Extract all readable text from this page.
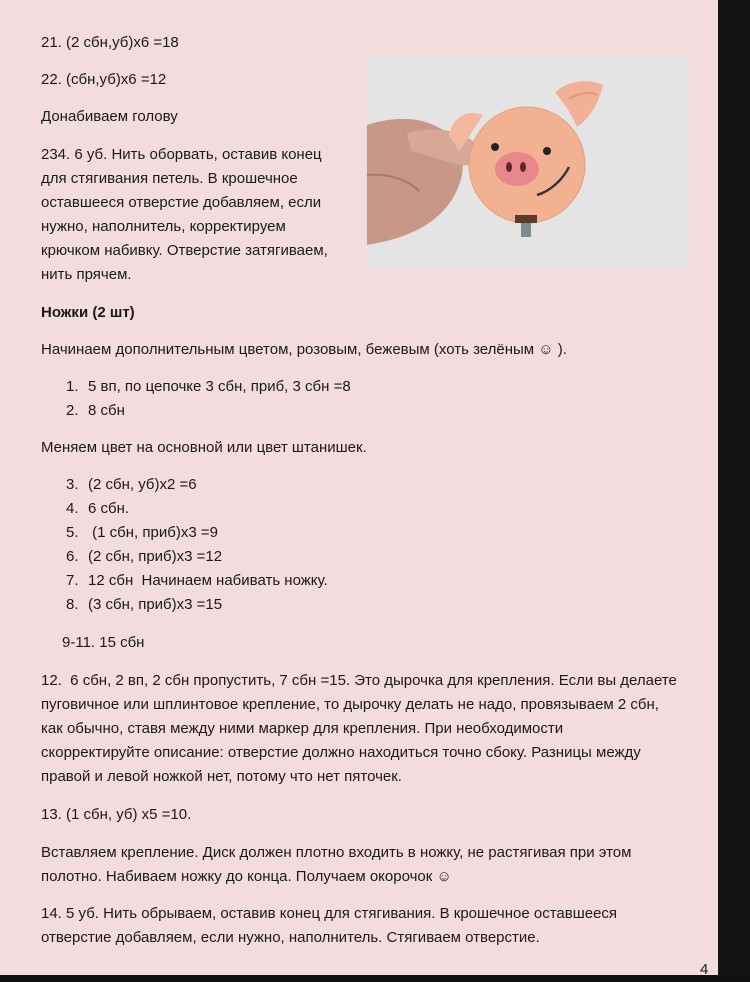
21. (2 сбн,уб)х6 =18

22. (сбн,уб)х6 =12

Донабиваем голову

234. 6 уб. Нить оборвать, оставив конец

для стягивания петель. В крошечное

оставшееся отверстие добавляем, если

нужно, наполнитель, корректируем

крючком набивку. Отверстие затягиваем,

нить прячем.

Ножки (2 шт)

Начинаем дополнительным цветом, розовым, бежевым (хоть зелёным ☺ ).

1. 5 вп, по цепочке 3 сбн, приб, 3 сбн =8
2. 8 сбн

Меняем цвет на основной или цвет штанишек.

3. (2 сбн, уб)х2 =6
4. 6 сбн.
5. (1 сбн, приб)х3 =9
6. (2 сбн, приб)х3 =12
7. 12 сбн  Начинаем набивать ножку.
8. (3 сбн, приб)х3 =15

9-11. 15 сбн

12.  6 сбн, 2 вп, 2 сбн пропустить, 7 сбн =15. Это дырочка для крепления. Если вы делаете

пуговичное или шплинтовое крепление, то дырочку делать не надо, провязываем 2 сбн,

как обычно, ставя между ними маркер для крепления. При необходимости

скорректируйте описание: отверстие должно находиться точно сбоку. Разницы между

правой и левой ножкой нет, потому что нет пяточек.

13. (1 сбн, уб) х5 =10.

Вставляем крепление. Диск должен плотно входить в ножку, не растягивая при этом

полотно. Набиваем ножку до конца. Получаем окорочок ☺

14. 5 уб. Нить обрываем, оставив конец для стягивания. В крошечное оставшееся

отверстие добавляем, если нужно, наполнитель. Стягиваем отверстие.

4
